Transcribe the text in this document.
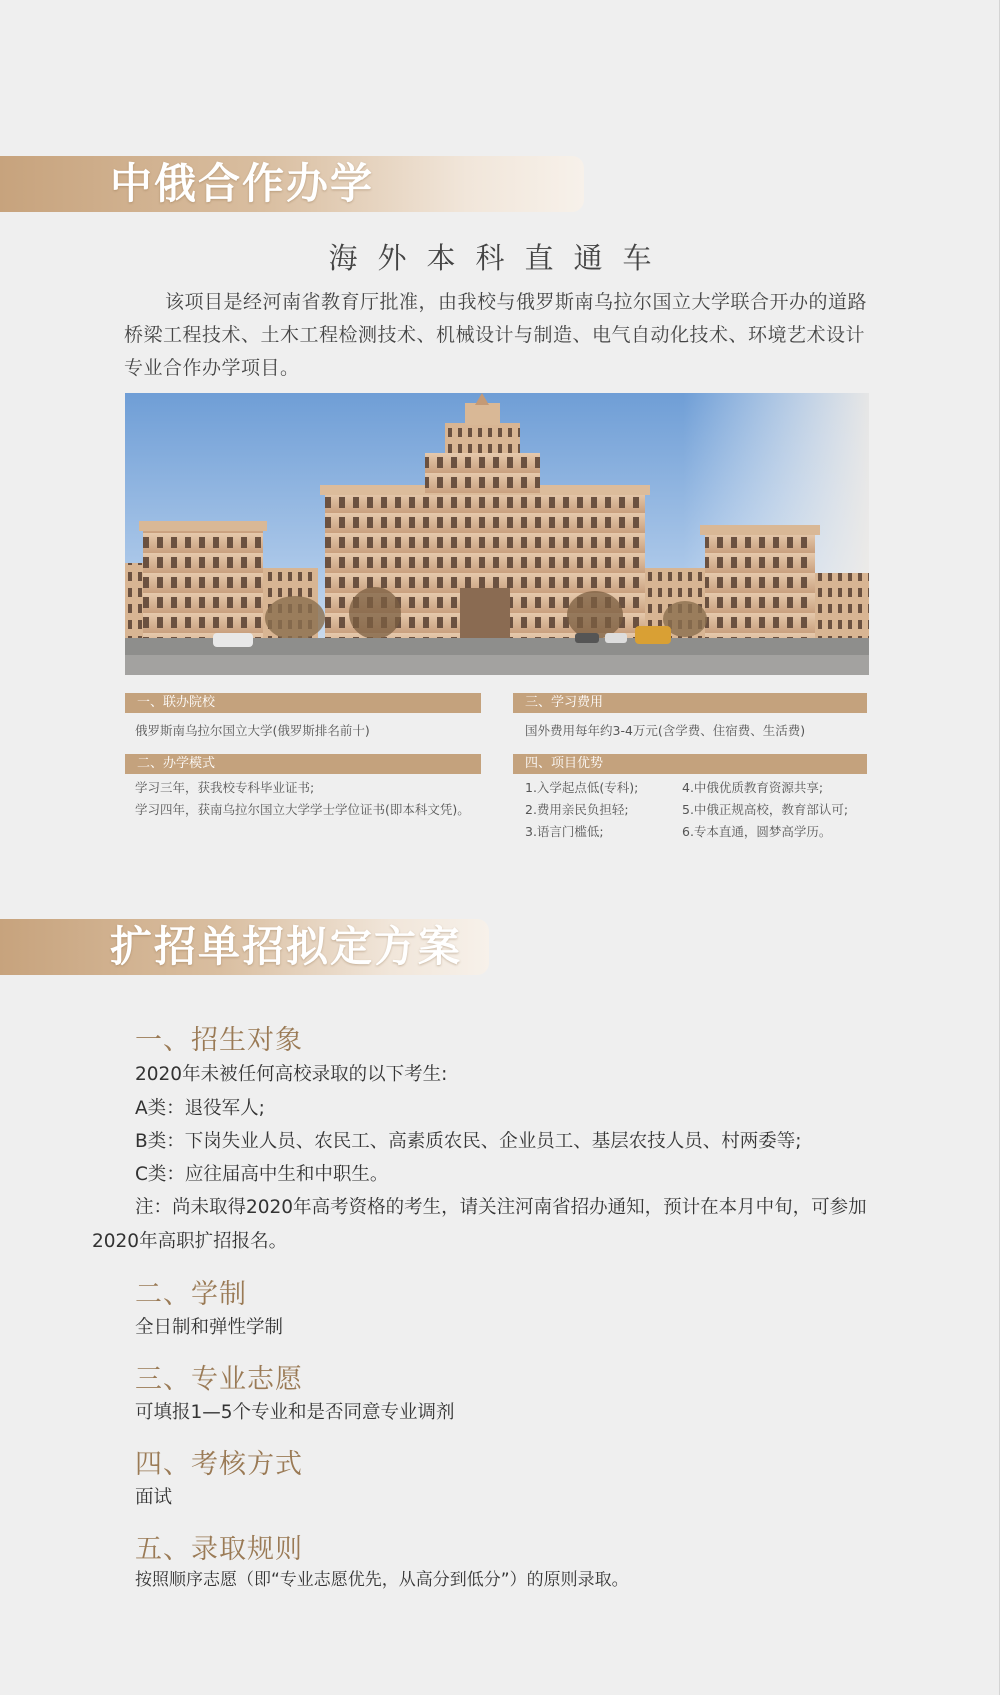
中俄合作办学
海外本科直通车
该项目是经河南省教育厅批准，由我校与俄罗斯南乌拉尔国立大学联合开办的道路桥梁工程技术、土木工程检测技术、机械设计与制造、电气自动化技术、环境艺术设计专业合作办学项目。
一、联办院校
俄罗斯南乌拉尔国立大学(俄罗斯排名前十)
二、办学模式
学习三年，获我校专科毕业证书;
学习四年，获南乌拉尔国立大学学士学位证书(即本科文凭)。
三、学习费用
国外费用每年约3-4万元(含学费、住宿费、生活费)
四、项目优势
1.入学起点低(专科);
2.费用亲民负担轻;
3.语言门槛低;
4.中俄优质教育资源共享;
5.中俄正规高校，教育部认可;
6.专本直通，圆梦高学历。
扩招单招拟定方案
一、招生对象
2020年未被任何高校录取的以下考生:
A类：退役军人;
B类：下岗失业人员、农民工、高素质农民、企业员工、基层农技人员、村两委等;
C类：应往届高中生和中职生。
注：尚未取得2020年高考资格的考生，请关注河南省招办通知，预计在本月中旬，可参加2020年高职扩招报名。
二、学制
全日制和弹性学制
三、专业志愿
可填报1—5个专业和是否同意专业调剂
四、考核方式
面试
五、录取规则
按照顺序志愿（即“专业志愿优先，从高分到低分”）的原则录取。
